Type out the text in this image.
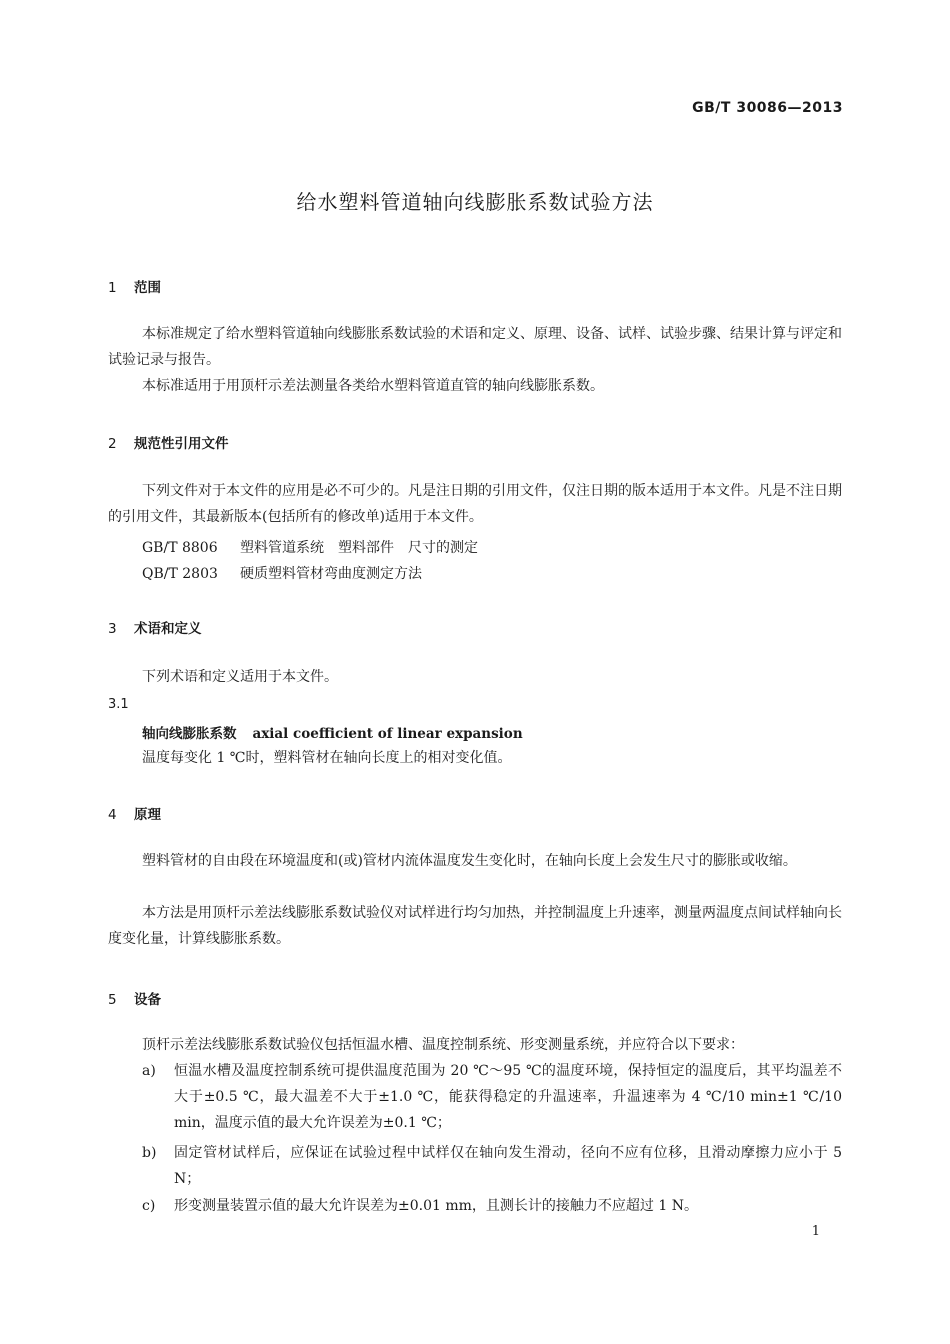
GB/T 30086—2013
给水塑料管道轴向线膨胀系数试验方法
1 范围
本标准规定了给水塑料管道轴向线膨胀系数试验的术语和定义、原理、设备、试样、试验步骤、结果计算与评定和试验记录与报告。
本标准适用于用顶杆示差法测量各类给水塑料管道直管的轴向线膨胀系数。
2 规范性引用文件
下列文件对于本文件的应用是必不可少的。凡是注日期的引用文件，仅注日期的版本适用于本文件。凡是不注日期的引用文件，其最新版本(包括所有的修改单)适用于本文件。
GB/T 8806 塑料管道系统　塑料部件　尺寸的测定
QB/T 2803 硬质塑料管材弯曲度测定方法
3 术语和定义
下列术语和定义适用于本文件。
3.1
轴向线膨胀系数 axial coefficient of linear expansion
温度每变化 1 ℃时，塑料管材在轴向长度上的相对变化值。
4 原理
塑料管材的自由段在环境温度和(或)管材内流体温度发生变化时，在轴向长度上会发生尺寸的膨胀或收缩。
本方法是用顶杆示差法线膨胀系数试验仪对试样进行均匀加热，并控制温度上升速率，测量两温度点间试样轴向长度变化量，计算线膨胀系数。
5 设备
顶杆示差法线膨胀系数试验仪包括恒温水槽、温度控制系统、形变测量系统，并应符合以下要求：
a) 恒温水槽及温度控制系统可提供温度范围为 20 ℃～95 ℃的温度环境，保持恒定的温度后，其平均温差不大于±0.5 ℃，最大温差不大于±1.0 ℃，能获得稳定的升温速率，升温速率为 4 ℃/10 min±1 ℃/10 min，温度示值的最大允许误差为±0.1 ℃；
b) 固定管材试样后，应保证在试验过程中试样仅在轴向发生滑动，径向不应有位移，且滑动摩擦力应小于 5 N；
c) 形变测量装置示值的最大允许误差为±0.01 mm，且测长计的接触力不应超过 1 N。
1
